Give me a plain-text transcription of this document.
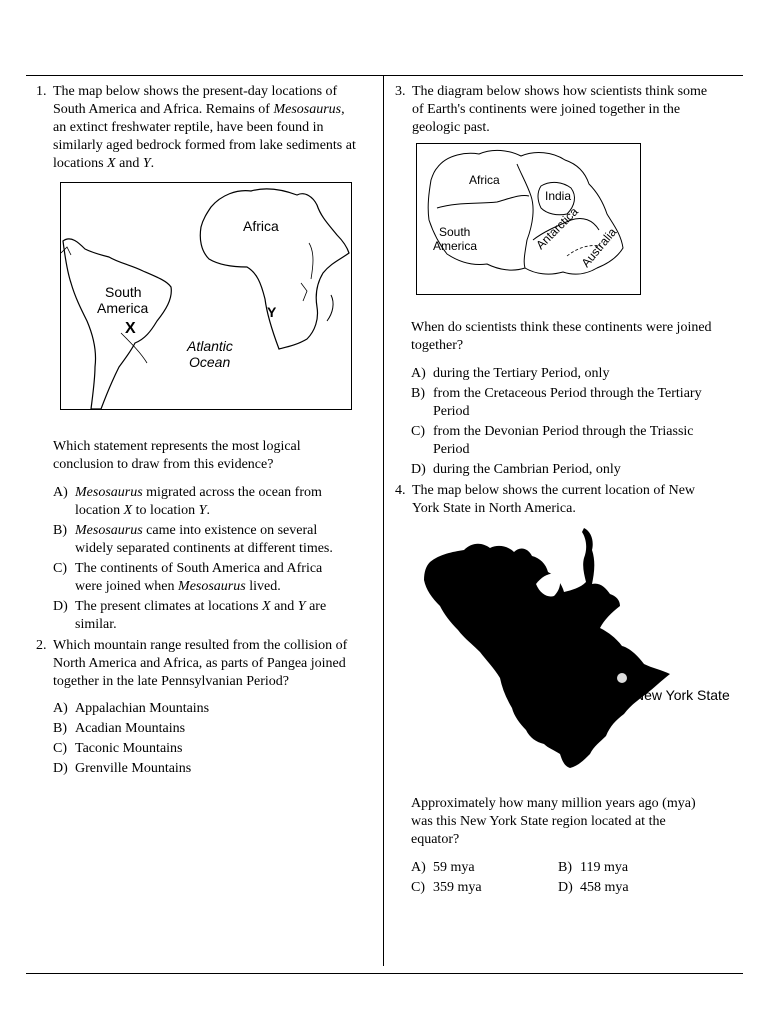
1. The map below shows the present-day locations of
South America and Africa. Remains of Mesosaurus,
an extinct freshwater reptile, have been found in
similarly aged bedrock formed from lake sediments at
locations X and Y.
Africa
South
America
X
Y
Atlantic
Ocean
Which statement represents the most logical
conclusion to draw from this evidence?
A) Mesosaurus migrated across the ocean from
location X to location Y.
B) Mesosaurus came into existence on several
widely separated continents at different times.
C) The continents of South America and Africa
were joined when Mesosaurus lived.
D) The present climates at locations X and Y are
similar.
2. Which mountain range resulted from the collision of
North America and Africa, as parts of Pangea joined
together in the late Pennsylvanian Period?
A) Appalachian Mountains
B) Acadian Mountains
C) Taconic Mountains
D) Grenville Mountains
3. The diagram below shows how scientists think some
of Earth's continents were joined together in the
geologic past.
Africa
India
South
America	Antarctica
Australia
When do scientists think these continents were joined
together?
A) during the Tertiary Period, only
B) from the Cretaceous Period through the Tertiary
Period
C) from the Devonian Period through the Triassic
Period
D) during the Cambrian Period, only
4. The map below shows the current location of New
York State in North America.
New York State
Approximately how many million years ago (mya)
was this New York State region located at the
equator?
A) 59 mya	B) 119 mya
C) 359 mya	D) 458 mya
